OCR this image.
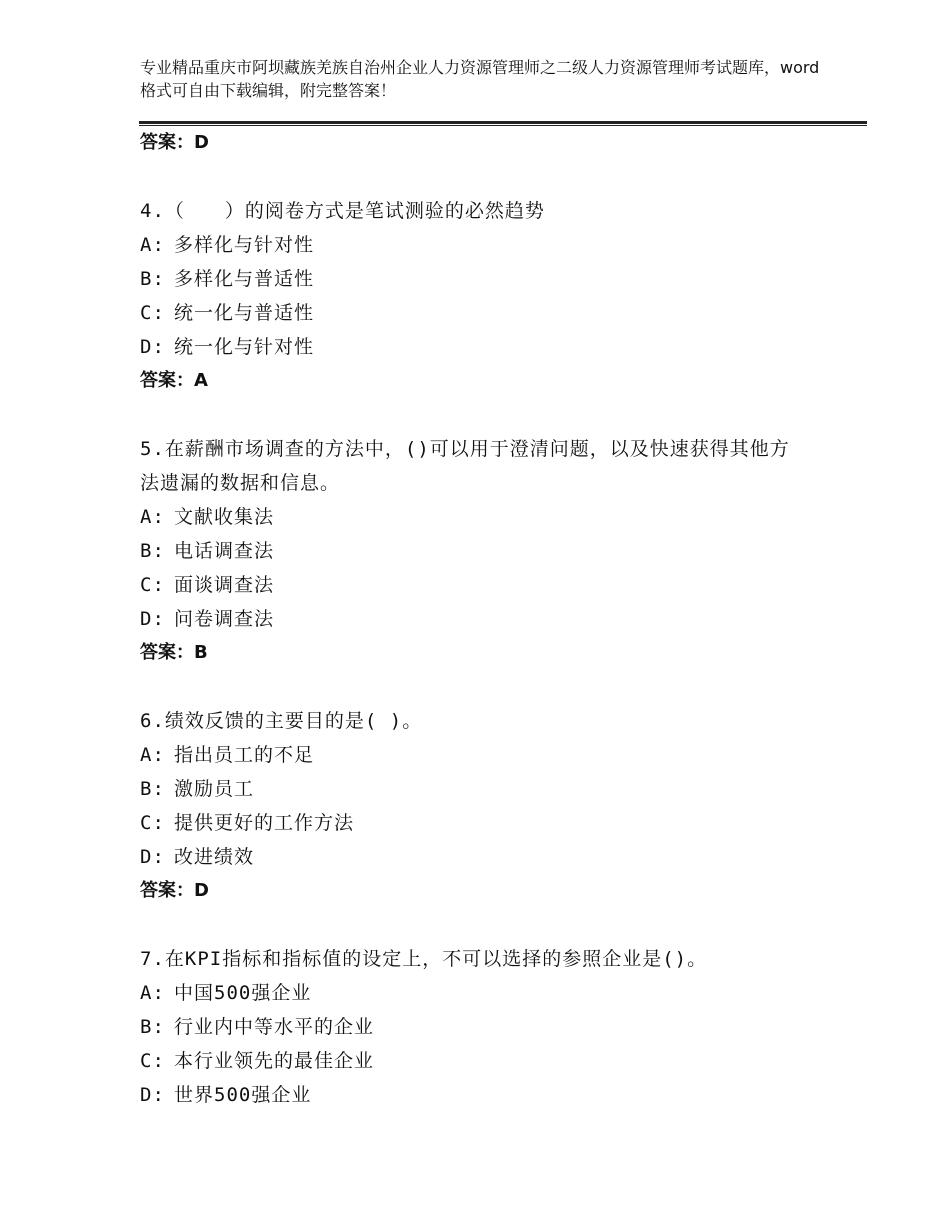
专业精品重庆市阿坝藏族羌族自治州企业人力资源管理师之二级人力资源管理师考试题库，word格式可自由下载编辑，附完整答案！
答案：D
4.（　　）的阅卷方式是笔试测验的必然趋势
A: 多样化与针对性
B: 多样化与普适性
C: 统一化与普适性
D: 统一化与针对性
答案：A
5.在薪酬市场调查的方法中，()可以用于澄清问题，以及快速获得其他方法遗漏的数据和信息。
A: 文献收集法
B: 电话调查法
C: 面谈调查法
D: 问卷调查法
答案：B
6.绩效反馈的主要目的是( )。
A: 指出员工的不足
B: 激励员工
C: 提供更好的工作方法
D: 改进绩效
答案：D
7.在KPI指标和指标值的设定上，不可以选择的参照企业是()。
A: 中国500强企业
B: 行业内中等水平的企业
C: 本行业领先的最佳企业
D: 世界500强企业
